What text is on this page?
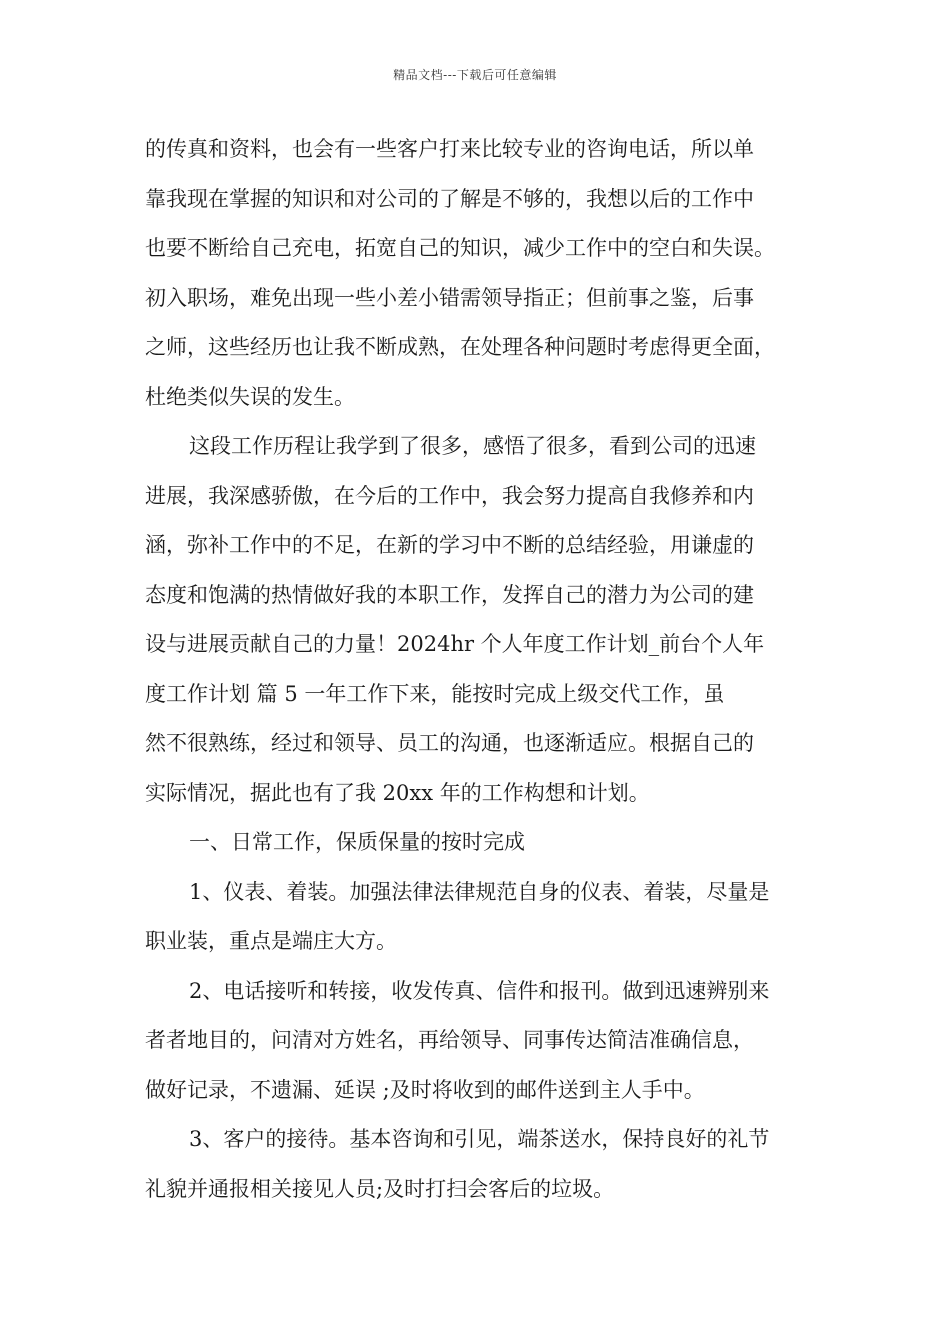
精品文档---下载后可任意编辑
的传真和资料，也会有一些客户打来比较专业的咨询电话，所以单
靠我现在掌握的知识和对公司的了解是不够的，我想以后的工作中
也要不断给自己充电，拓宽自己的知识，减少工作中的空白和失误。
初入职场，难免出现一些小差小错需领导指正；但前事之鉴，后事
之师，这些经历也让我不断成熟，在处理各种问题时考虑得更全面，
杜绝类似失误的发生。
这段工作历程让我学到了很多，感悟了很多，看到公司的迅速
进展，我深感骄傲，在今后的工作中，我会努力提高自我修养和内
涵，弥补工作中的不足，在新的学习中不断的总结经验，用谦虚的
态度和饱满的热情做好我的本职工作，发挥自己的潜力为公司的建
设与进展贡献自己的力量！2024hr 个人年度工作计划_前台个人年
度工作计划 篇 5 一年工作下来，能按时完成上级交代工作，虽
然不很熟练，经过和领导、员工的沟通，也逐渐适应。根据自己的
实际情况，据此也有了我 20xx 年的工作构想和计划。
一、日常工作，保质保量的按时完成
1、仪表、着装。加强法律法律规范自身的仪表、着装，尽量是
职业装，重点是端庄大方。
2、电话接听和转接，收发传真、信件和报刊。做到迅速辨别来
者者地目的，问清对方姓名，再给领导、同事传达简洁准确信息，
做好记录，不遗漏、延误 ;及时将收到的邮件送到主人手中。
3、客户的接待。基本咨询和引见，端茶送水，保持良好的礼节
礼貌并通报相关接见人员;及时打扫会客后的垃圾。
